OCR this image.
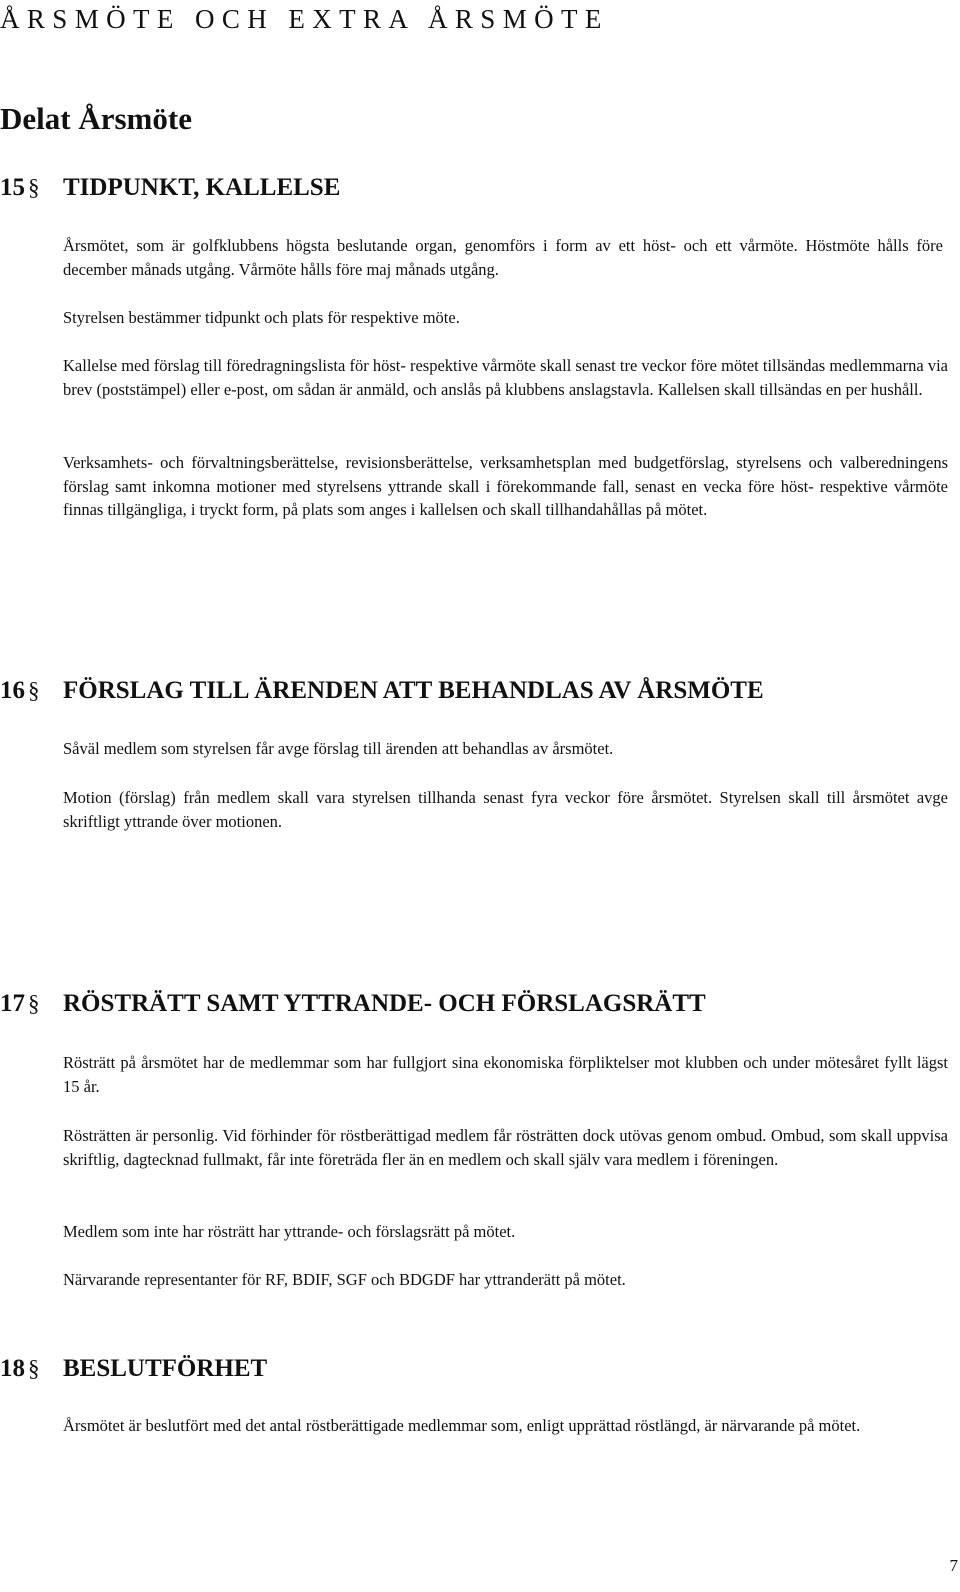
ÅRSMÖTE OCH EXTRA ÅRSMÖTE
Delat Årsmöte
15 § TIDPUNKT, KALLELSE

Årsmötet, som är golfklubbens högsta beslutande organ, genomförs i form av ett höst- och ett vårmöte. Höstmöte hålls före december månads utgång. Vårmöte hålls före maj månads utgång.

Styrelsen bestämmer tidpunkt och plats för respektive möte.

Kallelse med förslag till föredragningslista för höst- respektive vårmöte skall senast tre veckor före mötet tillsändas medlemmarna via brev (poststämpel) eller e-post, om sådan är anmäld, och anslås på klubbens anslagstavla. Kallelsen skall tillsändas en per hushåll.

Verksamhets- och förvaltningsberättelse, revisionsberättelse, verksamhetsplan med budgetförslag, styrelsens och valberedningens förslag samt inkomna motioner med styrelsens yttrande skall i förekommande fall, senast en vecka före höst- respektive vårmöte finnas tillgängliga, i tryckt form, på plats som anges i kallelsen och skall tillhandahållas på mötet.

16 § FÖRSLAG TILL ÄRENDEN ATT BEHANDLAS AV ÅRSMÖTE

Såväl medlem som styrelsen får avge förslag till ärenden att behandlas av årsmötet.

Motion (förslag) från medlem skall vara styrelsen tillhanda senast fyra veckor före årsmötet. Styrelsen skall till årsmötet avge skriftligt yttrande över motionen.

17 § RÖSTRÄTT SAMT YTTRANDE- OCH FÖRSLAGSRÄTT

Rösträtt på årsmötet har de medlemmar som har fullgjort sina ekonomiska förpliktelser mot klubben och under mötesåret fyllt lägst 15 år.

Rösträtten är personlig. Vid förhinder för röstberättigad medlem får rösträtten dock utövas genom ombud. Ombud, som skall uppvisa skriftlig, dagtecknad fullmakt, får inte företräda fler än en medlem och skall själv vara medlem i föreningen.

Medlem som inte har rösträtt har yttrande- och förslagsrätt på mötet.

Närvarande representanter för RF, BDIF, SGF och BDGDF har yttranderätt på mötet.

18 § BESLUTFÖRHET

Årsmötet är beslutfört med det antal röstberättigade medlemmar som, enligt upprättad röstlängd, är närvarande på mötet.

7
